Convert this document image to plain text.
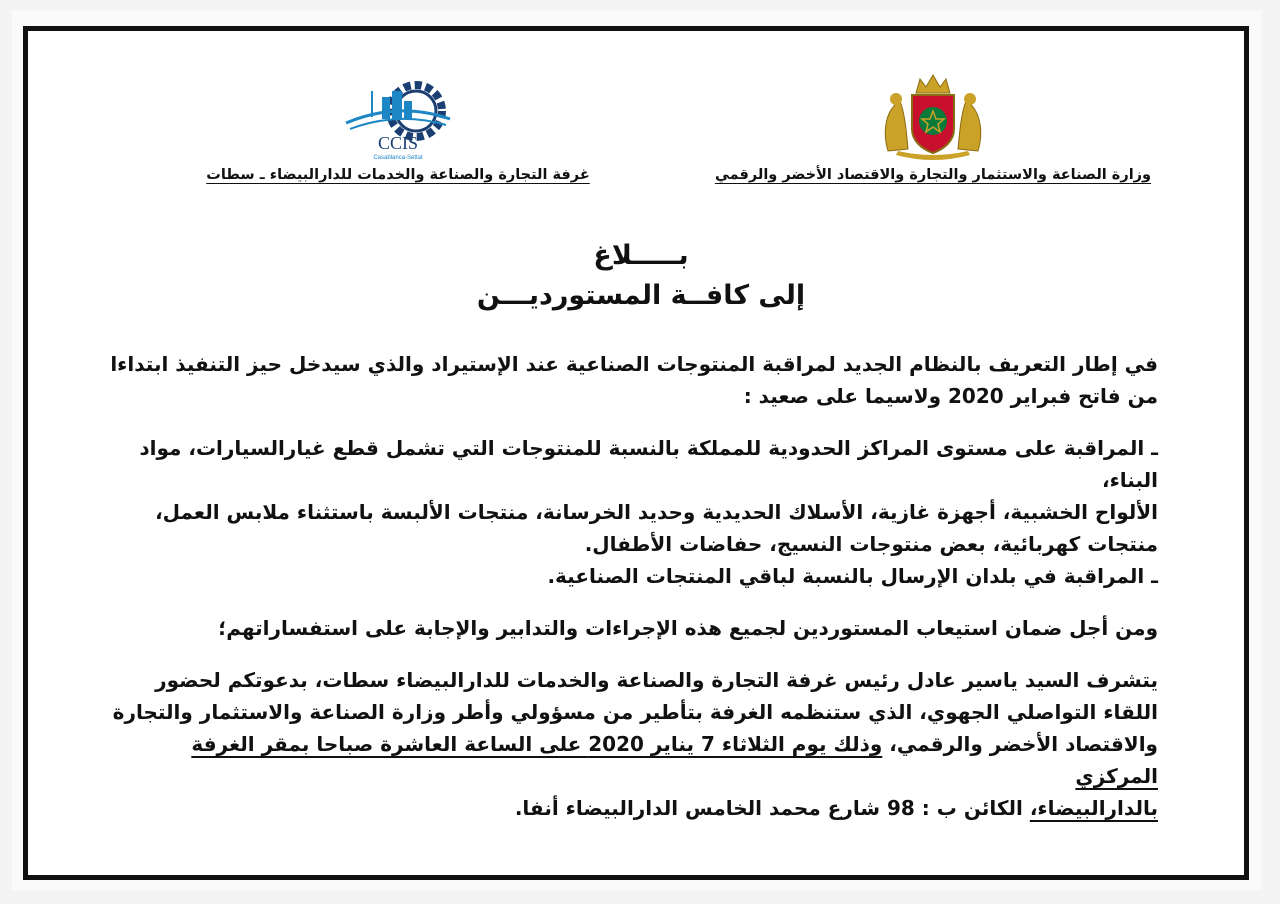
وزارة الصناعة والاستثمار والتجارة والاقتصاد الأخضر والرقمي
CCIS
Casablanca-Settat
غرفة التجارة والصناعة والخدمات للدارالبيضاء ـ سطات
بـــــلاغ
إلى كافــة المستورديـــن

في إطار التعريف بالنظام الجديد لمراقبة المنتوجات الصناعية عند الإستيراد والذي سيدخل حيز التنفيذ ابتداءا

من فاتح فبراير 2020 ولاسيما على صعيد :

ـ المراقبة على مستوى المراكز الحدودية للمملكة بالنسبة للمنتوجات التي تشمل قطع غيارالسيارات، مواد البناء،

الألواح الخشبية، أجهزة غازية، الأسلاك الحديدية وحديد الخرسانة، منتجات الألبسة باستثناء ملابس العمل،

منتجات كهربائية، بعض منتوجات النسيج، حفاضات الأطفال.

ـ المراقبة في بلدان الإرسال بالنسبة لباقي المنتجات الصناعية.

ومن أجل ضمان استيعاب المستوردين لجميع هذه الإجراءات والتدابير والإجابة على استفساراتهم؛

يتشرف السيد ياسير عادل رئيس غرفة التجارة والصناعة والخدمات للدارالبيضاء سطات، بدعوتكم لحضور

اللقاء التواصلي الجهوي، الذي ستنظمه الغرفة بتأطير من مسؤولي وأطر وزارة الصناعة والاستثمار والتجارة

والاقتصاد الأخضر والرقمي، وذلك يوم الثلاثاء 7 يناير 2020 على الساعة العاشرة صباحا بمقر الغرفة المركزي

بالدارالبيضاء، الكائن ب : 98 شارع محمد الخامس الدارالبيضاء أنفا.
